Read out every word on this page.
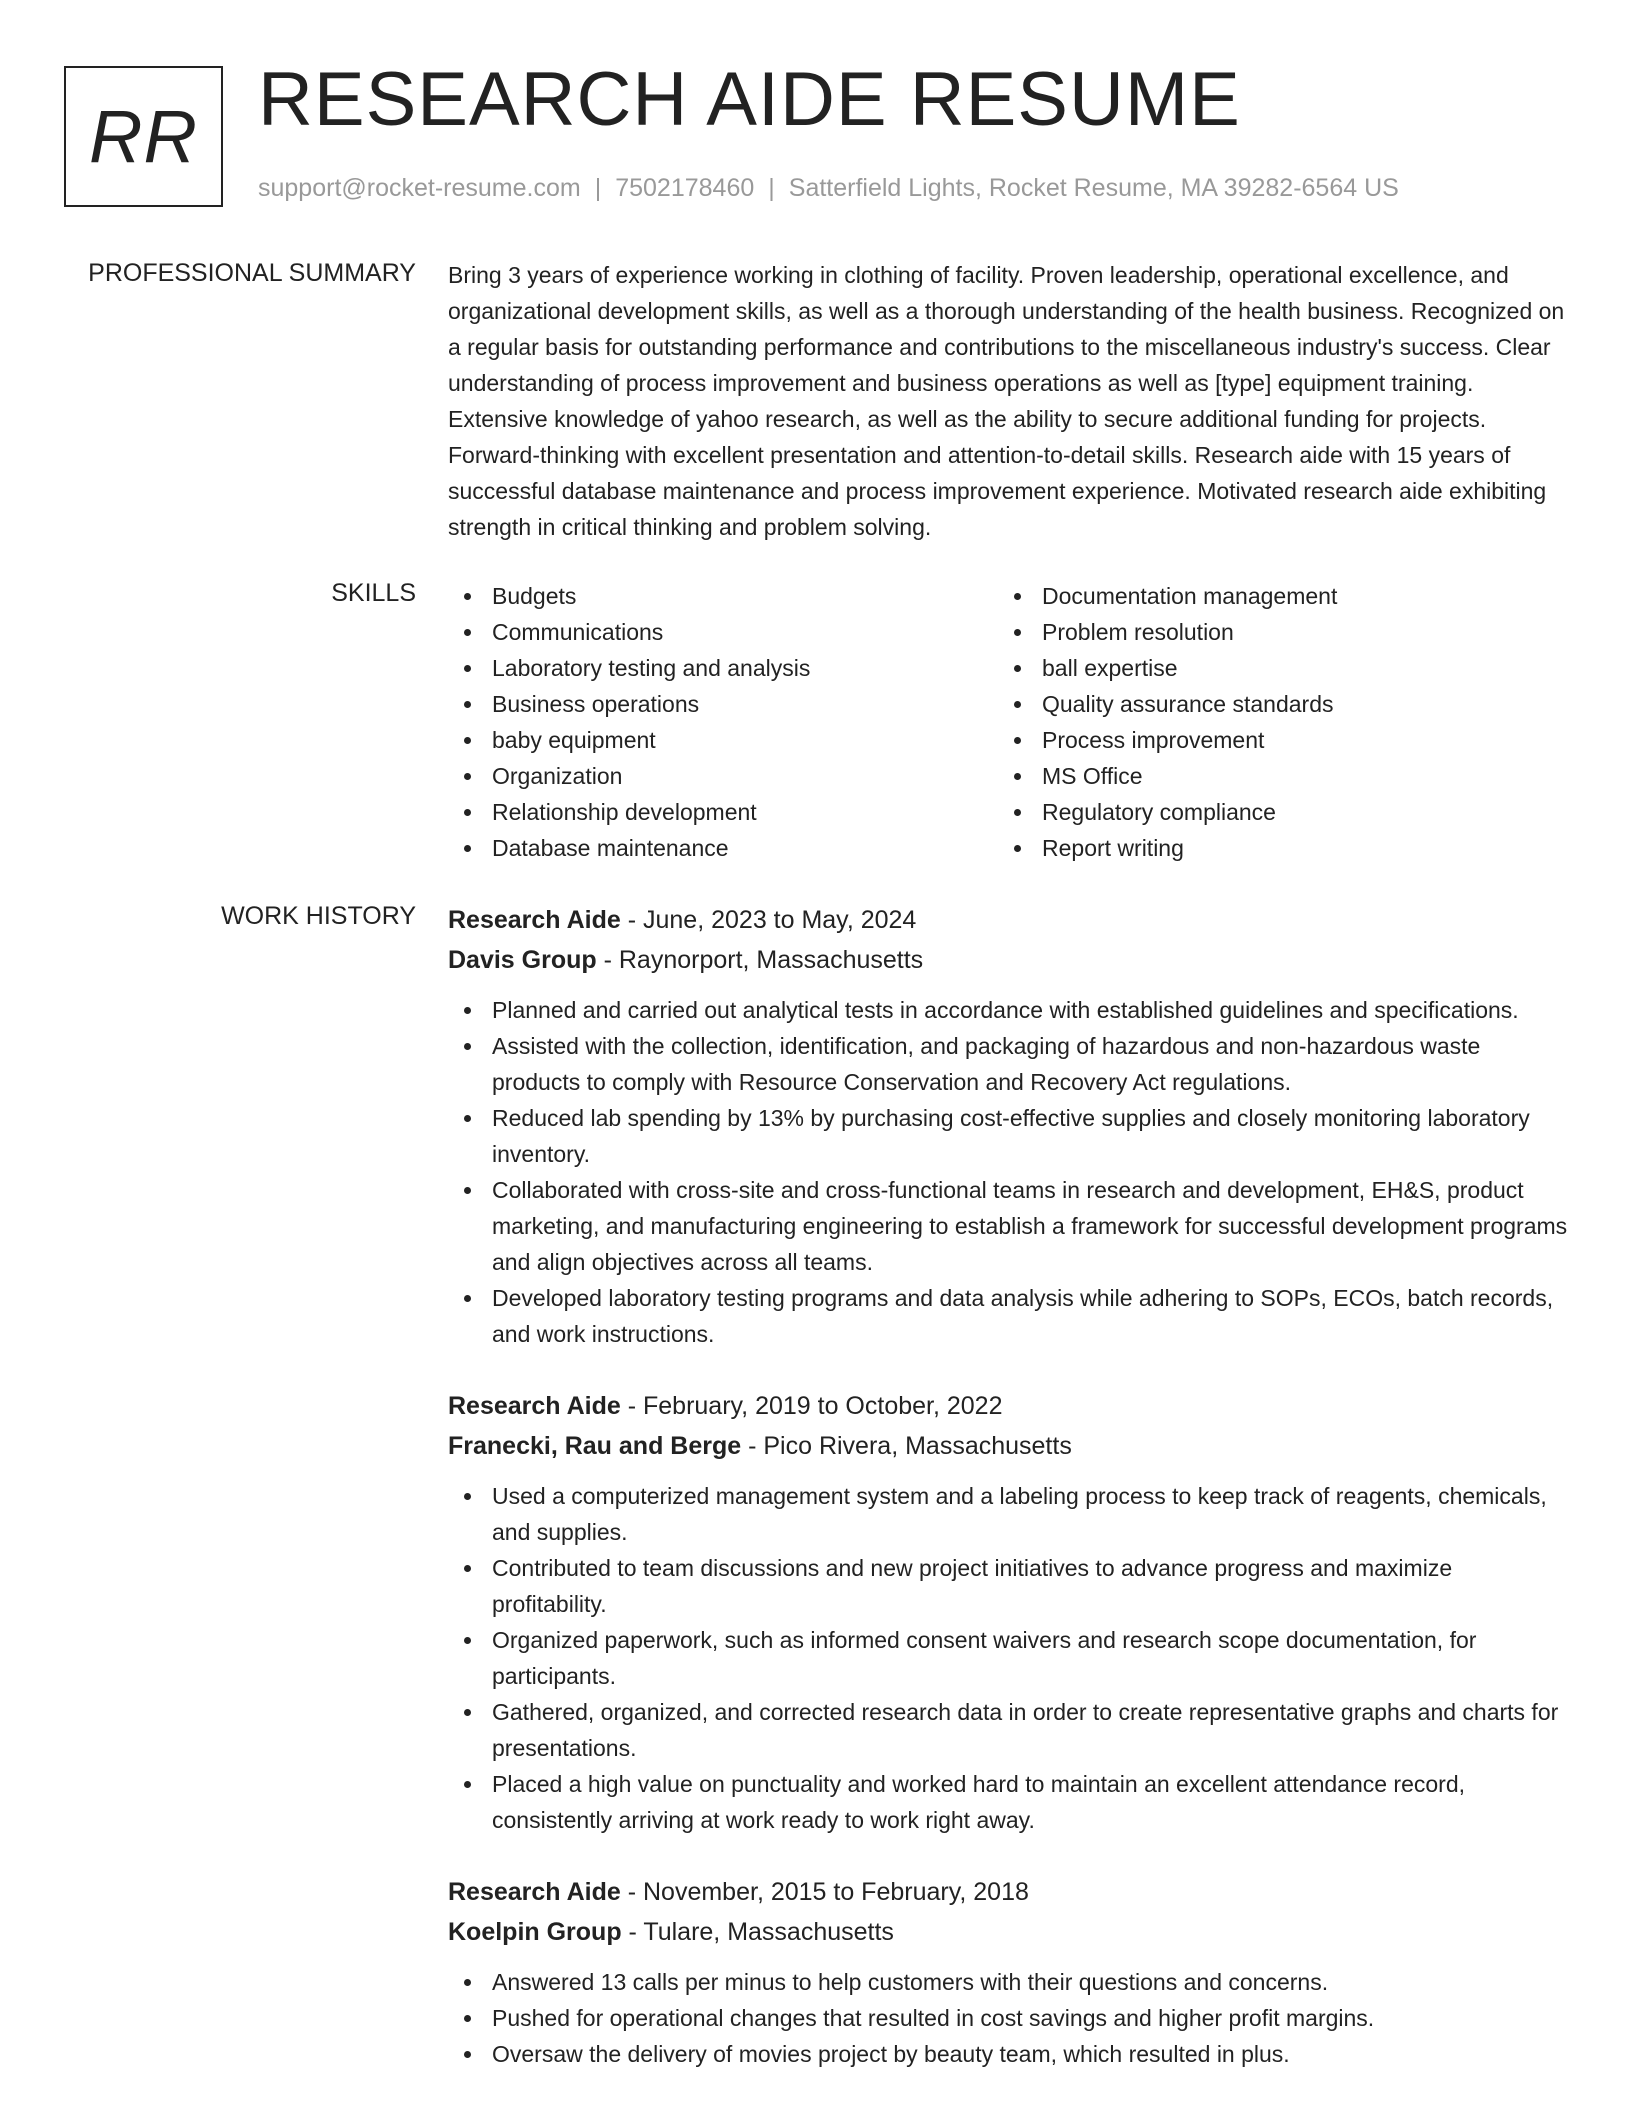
RR RESEARCH AIDE RESUME
support@rocket-resume.com | 7502178460 | Satterfield Lights, Rocket Resume, MA 39282-6564 US
PROFESSIONAL SUMMARY Bring 3 years of experience working in clothing of facility. Proven leadership, operational excellence, and organizational development skills, as well as a thorough understanding of the health business. Recognized on a regular basis for outstanding performance and contributions to the miscellaneous industry's success. Clear understanding of process improvement and business operations as well as [type] equipment training. Extensive knowledge of yahoo research, as well as the ability to secure additional funding for projects. Forward-thinking with excellent presentation and attention-to-detail skills. Research aide with 15 years of successful database maintenance and process improvement experience. Motivated research aide exhibiting strength in critical thinking and problem solving.

SKILLS	Budgets
Communications
Laboratory testing and analysis
Business operations
baby equipment
Organization
Relationship development
Database maintenance
Documentation management
Problem resolution
ball expertise
Quality assurance standards
Process improvement
MS Office
Regulatory compliance
Report writing
WORK HISTORY Research Aide - June, 2023 to May, 2024
Davis Group - Raynorport, Massachusetts
Planned and carried out analytical tests in accordance with established guidelines and specifications.
Assisted with the collection, identification, and packaging of hazardous and non-hazardous waste products to comply with Resource Conservation and Recovery Act regulations.
Reduced lab spending by 13% by purchasing cost-effective supplies and closely monitoring laboratory inventory.
Collaborated with cross-site and cross-functional teams in research and development, EH&S, product marketing, and manufacturing engineering to establish a framework for successful development programs and align objectives across all teams.
Developed laboratory testing programs and data analysis while adhering to SOPs, ECOs, batch records, and work instructions.
Research Aide - February, 2019 to October, 2022
Franecki, Rau and Berge - Pico Rivera, Massachusetts
Used a computerized management system and a labeling process to keep track of reagents, chemicals, and supplies.
Contributed to team discussions and new project initiatives to advance progress and maximize profitability.
Organized paperwork, such as informed consent waivers and research scope documentation, for participants.
Gathered, organized, and corrected research data in order to create representative graphs and charts for presentations.
Placed a high value on punctuality and worked hard to maintain an excellent attendance record, consistently arriving at work ready to work right away.
Research Aide - November, 2015 to February, 2018
Koelpin Group - Tulare, Massachusetts
Answered 13 calls per minus to help customers with their questions and concerns.
Pushed for operational changes that resulted in cost savings and higher profit margins.
Oversaw the delivery of movies project by beauty team, which resulted in plus.
